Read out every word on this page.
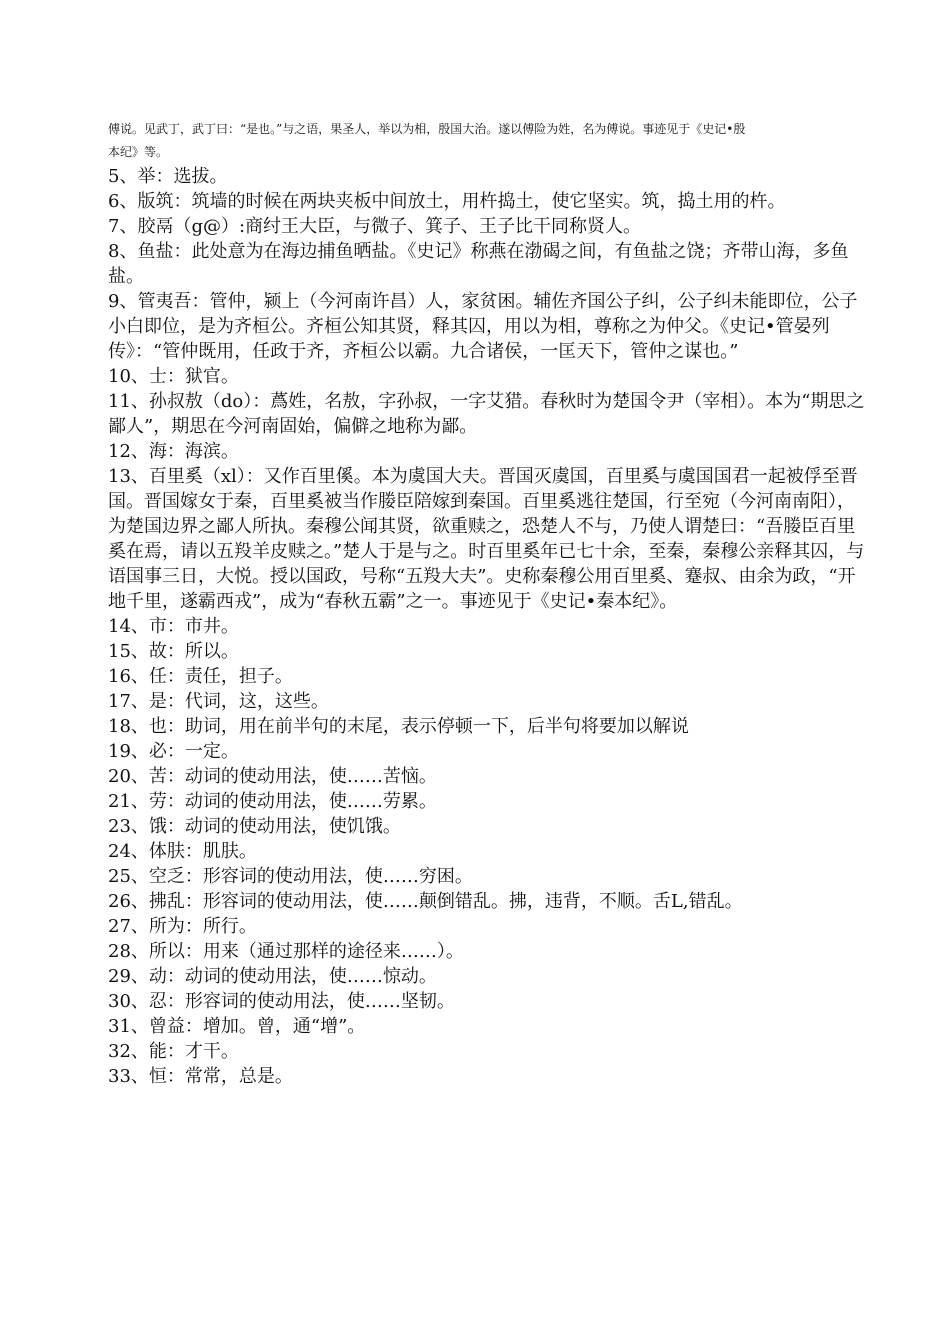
傅说。见武丁，武丁曰：“是也。”与之语，果圣人，举以为相，殷国大治。遂以傅险为姓，名为傅说。事迹见于《史记•殷

本纪》等。

5、举：选拔。

6、版筑：筑墙的时候在两块夹板中间放土，用杵捣土，使它坚实。筑，捣土用的杵。

7、胶鬲（g@）:商纣王大臣，与微子、箕子、王子比干同称贤人。

8、鱼盐：此处意为在海边捕鱼晒盐。《史记》称燕在渤碣之间，有鱼盐之饶；齐带山海，多鱼盐。

9、管夷吾：管仲，颍上（今河南许昌）人，家贫困。辅佐齐国公子纠，公子纠未能即位，公子小白即位，是为齐桓公。齐桓公知其贤，释其囚，用以为相，尊称之为仲父。《史记•管晏列传》：“管仲既用，任政于齐，齐桓公以霸。九合诸侯，一匡天下，管仲之谋也。”

10、士：狱官。

11、孙叔敖（do）：蔿姓，名敖，字孙叔，一字艾猎。春秋时为楚国令尹（宰相）。本为“期思之鄙人”，期思在今河南固始，偏僻之地称为鄙。

12、海：海滨。

13、百里奚（xl）：又作百里傒。本为虞国大夫。晋国灭虞国，百里奚与虞国国君一起被俘至晋国。晋国嫁女于秦，百里奚被当作媵臣陪嫁到秦国。百里奚逃往楚国，行至宛（今河南南阳），为楚国边界之鄙人所执。秦穆公闻其贤，欲重赎之，恐楚人不与，乃使人谓楚曰：“吾媵臣百里奚在焉，请以五羖羊皮赎之。”楚人于是与之。时百里奚年已七十余，至秦，秦穆公亲释其囚，与语国事三日，大悦。授以国政，号称“五羖大夫”。史称秦穆公用百里奚、蹇叔、由余为政，“开地千里，遂霸西戎”，成为“春秋五霸”之一。事迹见于《史记•秦本纪》。

14、市：市井。

15、故：所以。

16、任：责任，担子。

17、是：代词，这，这些。

18、也：助词，用在前半句的末尾，表示停顿一下，后半句将要加以解说

19、必：一定。

20、苦：动词的使动用法，使……苦恼。

21、劳：动词的使动用法，使……劳累。

23、饿：动词的使动用法，使饥饿。

24、体肤：肌肤。

25、空乏：形容词的使动用法，使……穷困。

26、拂乱：形容词的使动用法，使……颠倒错乱。拂，违背，不顺。舌L,错乱。

27、所为：所行。

28、所以：用来（通过那样的途径来……）。

29、动：动词的使动用法，使……惊动。

30、忍：形容词的使动用法，使……坚韧。

31、曾益：增加。曾，通“增”。

32、能：才干。

33、恒：常常，总是。
